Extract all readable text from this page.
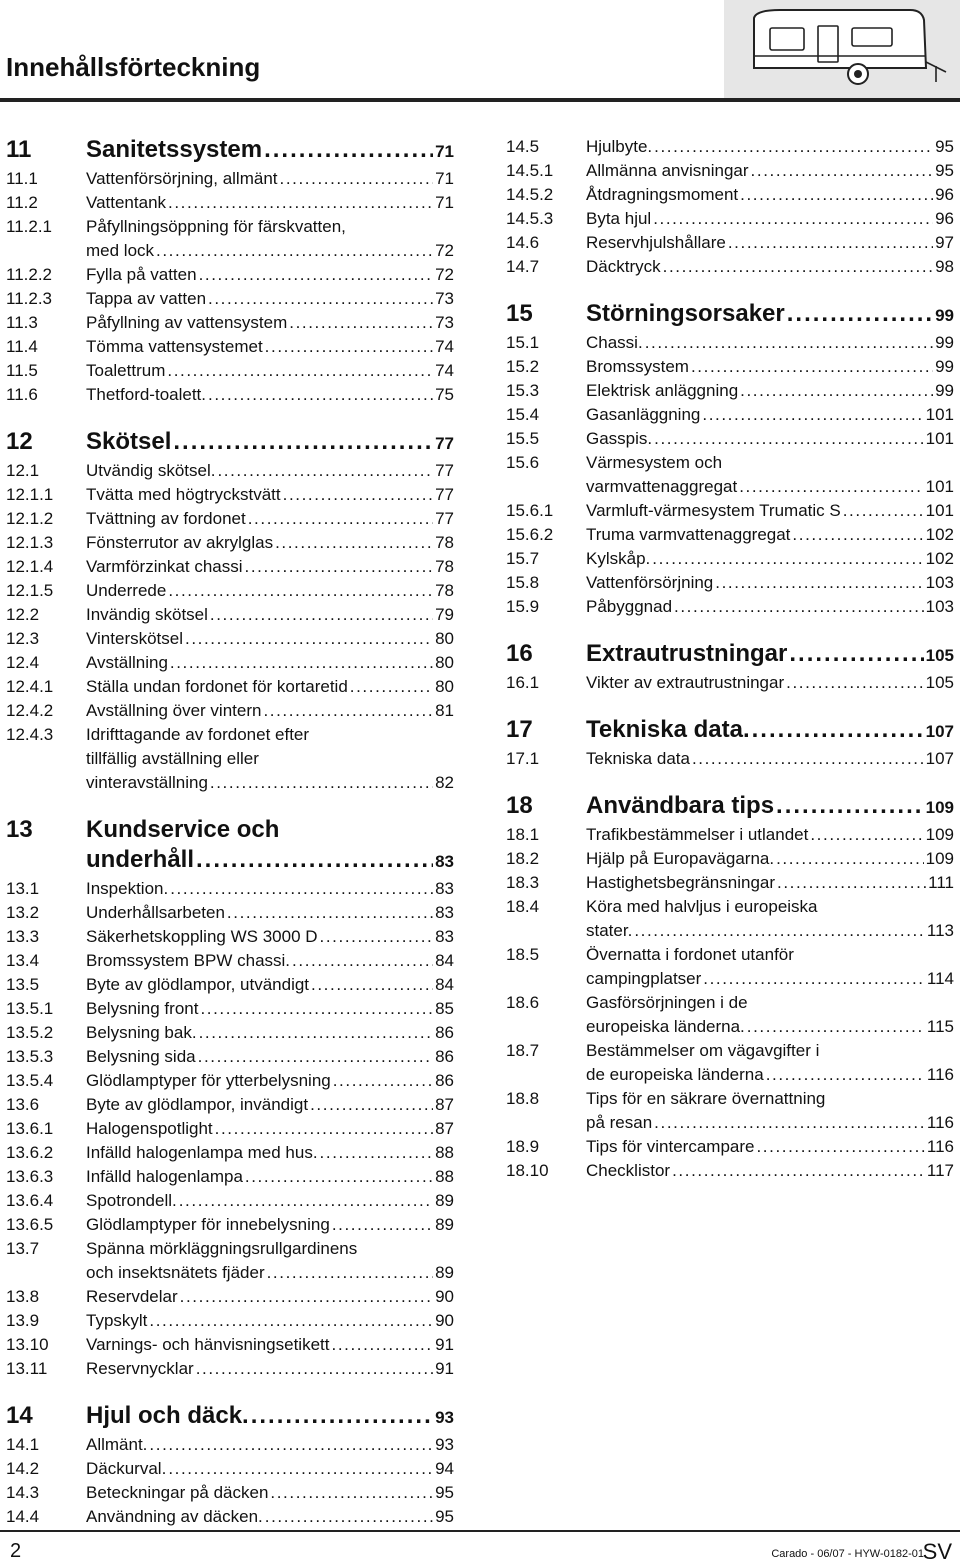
Innehållsförteckning
11	Sanitetssystem .....	71
11.1	Vattenförsörjning, allmänt .....	71
11.2	Vattentank .....	71
11.2.1	Påfyllningsöppning för färskvatten,
med lock .....	72
11.2.2	Fylla på vatten .....	72
11.2.3	Tappa av vatten .....	73
11.3	Påfyllning av vattensystem .....	73
11.4	Tömma vattensystemet .....	74
11.5	Toalettrum .....	74
11.6	Thetford-toalett. .....	75
12	Skötsel .....	77
12.1	Utvändig skötsel. .....	77
12.1.1	Tvätta med högtryckstvätt .....	77
12.1.2	Tvättning av fordonet .....	77
12.1.3	Fönsterrutor av akrylglas .....	78
12.1.4	Varmförzinkat chassi .....	78
12.1.5	Underrede .....	78
12.2	Invändig skötsel .....	79
12.3	Vinterskötsel .....	80
12.4	Avställning .....	80
12.4.1	Ställa undan fordonet för kortaretid .....	80
12.4.2	Avställning över vintern .....	81
12.4.3	Idrifttagande av fordonet efter
tillfällig avställning eller
vinteravställning .....	82
13	Kundservice och
underhåll .....	83
13.1	Inspektion. .....	83
13.2	Underhållsarbeten .....	83
13.3	Säkerhetskoppling WS 3000 D .....	83
13.4	Bromssystem BPW chassi. .....	84
13.5	Byte av glödlampor, utvändigt .....	84
13.5.1	Belysning front .....	85
13.5.2	Belysning bak. .....	86
13.5.3	Belysning sida .....	86
13.5.4	Glödlamptyper för ytterbelysning .....	86
13.6	Byte av glödlampor, invändigt .....	87
13.6.1	Halogenspotlight .....	87
13.6.2	Infälld halogenlampa med hus. .....	88
13.6.3	Infälld halogenlampa .....	88
13.6.4	Spotrondell. .....	89
13.6.5	Glödlamptyper för innebelysning .....	89
13.7	Spänna mörkläggningsrullgardinens
och insektsnätets fjäder .....	89
13.8	Reservdelar .....	90
13.9	Typskylt .....	90
13.10	Varnings- och hänvisningsetikett .....	91
13.11	Reservnycklar .....	91
14	Hjul och däck. .....	93
14.1	Allmänt. .....	93
14.2	Däckurval. .....	94
14.3	Beteckningar på däcken .....	95
14.4	Användning av däcken. .....	95
14.5	Hjulbyte. .....	95
14.5.1	Allmänna anvisningar .....	95
14.5.2	Åtdragningsmoment .....	96
14.5.3	Byta hjul .....	96
14.6	Reservhjulshållare .....	97
14.7	Däcktryck .....	98
15	Störningsorsaker .....	99
15.1	Chassi. .....	99
15.2	Bromssystem .....	99
15.3	Elektrisk anläggning .....	99
15.4	Gasanläggning .....	101
15.5	Gasspis. .....	101
15.6	Värmesystem och
varmvattenaggregat .....	101
15.6.1	Varmluft-värmesystem Trumatic S .....	101
15.6.2	Truma varmvattenaggregat .....	102
15.7	Kylskåp. .....	102
15.8	Vattenförsörjning .....	103
15.9	Påbyggnad .....	103
16	Extrautrustningar .....	105
16.1	Vikter av extrautrustningar .....	105
17	Tekniska data. .....	107
17.1	Tekniska data .....	107
18	Användbara tips .....	109
18.1	Trafikbestämmelser i utlandet .....	109
18.2	Hjälp på Europavägarna. .....	109
18.3	Hastighetsbegränsningar .....	111
18.4	Köra med halvljus i europeiska
stater. .....	113
18.5	Övernatta i fordonet utanför
campingplatser .....	114
18.6	Gasförsörjningen i de
europeiska länderna. .....	115
18.7	Bestämmelser om vägavgifter i
de europeiska länderna .....	116
18.8	Tips för en säkrare övernattning
på resan .....	116
18.9	Tips för vintercampare .....	116
18.10	Checklistor .....	117
2	Carado - 06/07 - HYW-0182-01
SV
